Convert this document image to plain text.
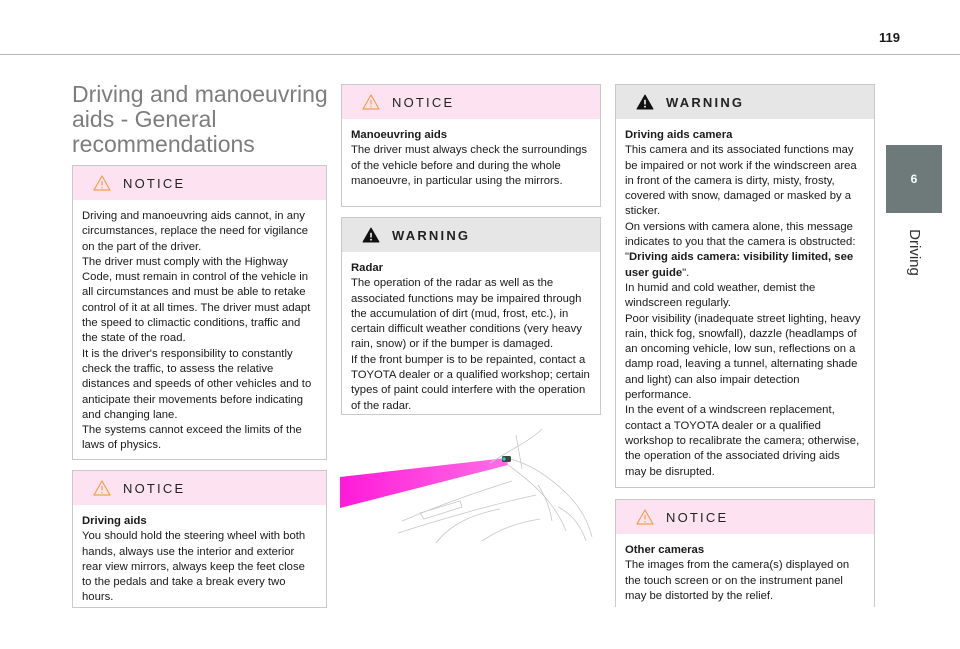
119
6
Driving
Driving and manoeuvring aids - General recommendations
NOTICE

Driving and manoeuvring aids cannot, in any circumstances, replace the need for vigilance on the part of the driver.

The driver must comply with the Highway Code, must remain in control of the vehicle in all circumstances and must be able to retake control of it at all times. The driver must adapt the speed to climactic conditions, traffic and the state of the road.

It is the driver's responsibility to constantly check the traffic, to assess the relative distances and speeds of other vehicles and to anticipate their movements before indicating and changing lane.

The systems cannot exceed the limits of the laws of physics.

NOTICE

Driving aids

You should hold the steering wheel with both hands, always use the interior and exterior rear view mirrors, always keep the feet close to the pedals and take a break every two hours.

NOTICE

Manoeuvring aids

The driver must always check the surroundings of the vehicle before and during the whole manoeuvre, in particular using the mirrors.

WARNING

Radar

The operation of the radar as well as the associated functions may be impaired through the accumulation of dirt (mud, frost, etc.), in certain difficult weather conditions (very heavy rain, snow) or if the bumper is damaged.

If the front bumper is to be repainted, contact a TOYOTA dealer or a qualified workshop; certain types of paint could interfere with the operation of the radar.

WARNING

Driving aids camera

This camera and its associated functions may be impaired or not work if the windscreen area in front of the camera is dirty, misty, frosty, covered with snow, damaged or masked by a sticker.

On versions with camera alone, this message indicates to you that the camera is obstructed: "Driving aids camera: visibility limited, see user guide".

In humid and cold weather, demist the windscreen regularly.

Poor visibility (inadequate street lighting, heavy rain, thick fog, snowfall), dazzle (headlamps of an oncoming vehicle, low sun, reflections on a damp road, leaving a tunnel, alternating shade and light) can also impair detection performance.

In the event of a windscreen replacement, contact a TOYOTA dealer or a qualified workshop to recalibrate the camera; otherwise, the operation of the associated driving aids may be disrupted.

NOTICE

Other cameras

The images from the camera(s) displayed on the touch screen or on the instrument panel may be distorted by the relief.
